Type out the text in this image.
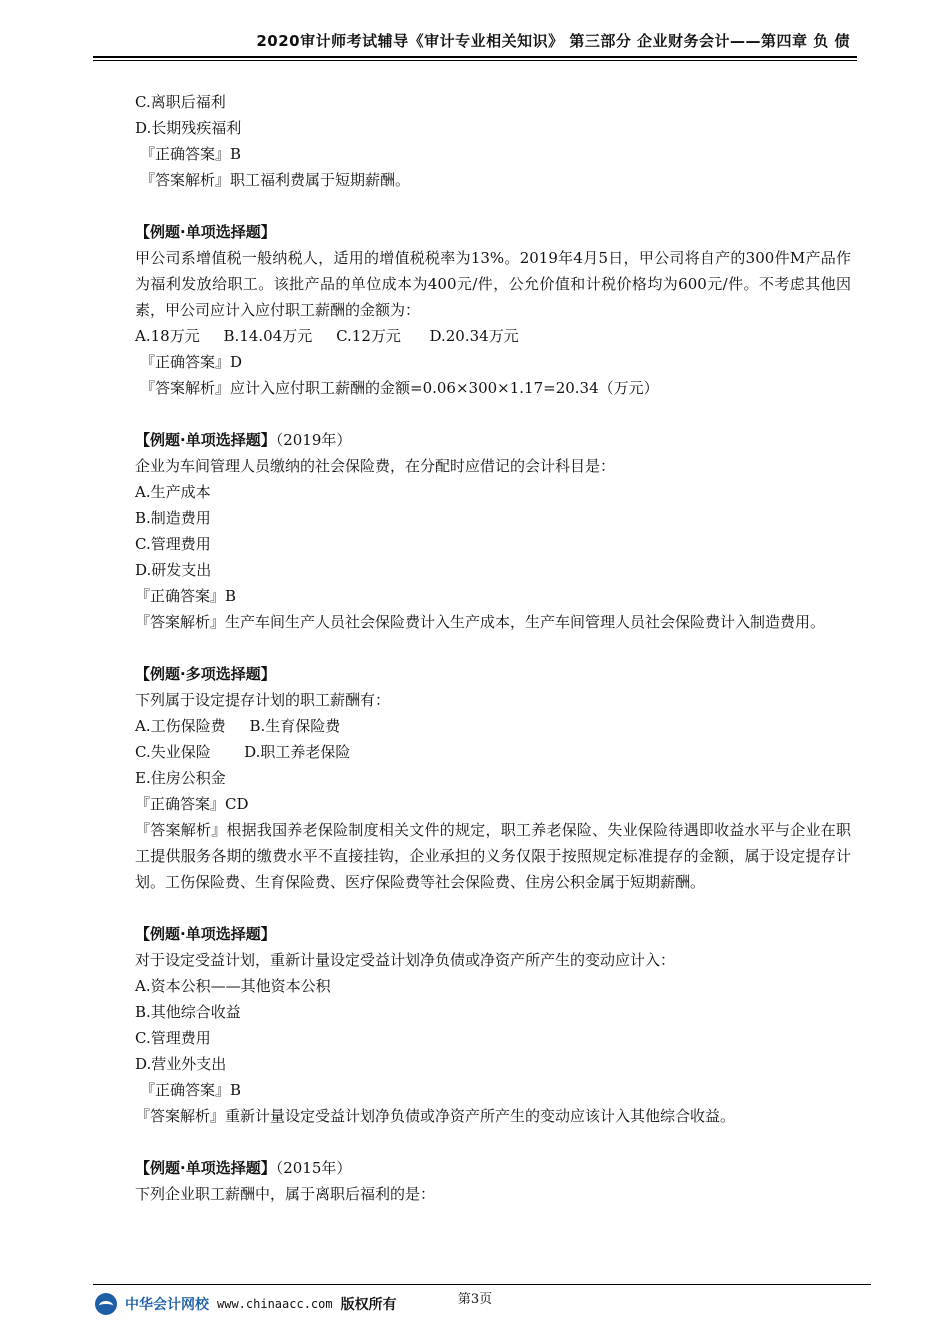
2020审计师考试辅导《审计专业相关知识》 第三部分 企业财务会计——第四章 负 债
C.离职后福利
D.长期残疾福利
『正确答案』B
『答案解析』职工福利费属于短期薪酬。
【例题·单项选择题】
甲公司系增值税一般纳税人，适用的增值税税率为13%。2019年4月5日，甲公司将自产的300件M产品作为福利发放给职工。该批产品的单位成本为400元/件，公允价值和计税价格均为600元/件。不考虑其他因素，甲公司应计入应付职工薪酬的金额为：
A.18万元     B.14.04万元     C.12万元      D.20.34万元
『正确答案』D
『答案解析』应计入应付职工薪酬的金额=0.06×300×1.17=20.34（万元）
【例题·单项选择题】（2019年）
企业为车间管理人员缴纳的社会保险费，在分配时应借记的会计科目是：
A.生产成本
B.制造费用
C.管理费用
D.研发支出
『正确答案』B
『答案解析』生产车间生产人员社会保险费计入生产成本，生产车间管理人员社会保险费计入制造费用。
【例题·多项选择题】
下列属于设定提存计划的职工薪酬有：
A.工伤保险费     B.生育保险费
C.失业保险       D.职工养老保险
E.住房公积金
『正确答案』CD
『答案解析』根据我国养老保险制度相关文件的规定，职工养老保险、失业保险待遇即收益水平与企业在职工提供服务各期的缴费水平不直接挂钩，企业承担的义务仅限于按照规定标准提存的金额，属于设定提存计划。工伤保险费、生育保险费、医疗保险费等社会保险费、住房公积金属于短期薪酬。
【例题·单项选择题】
对于设定受益计划，重新计量设定受益计划净负债或净资产所产生的变动应计入：
A.资本公积——其他资本公积
B.其他综合收益
C.管理费用
D.营业外支出
『正确答案』B
『答案解析』重新计量设定受益计划净负债或净资产所产生的变动应该计入其他综合收益。
【例题·单项选择题】（2015年）
下列企业职工薪酬中，属于离职后福利的是：
第3页
中华会计网校 www.chinaacc.com 版权所有
